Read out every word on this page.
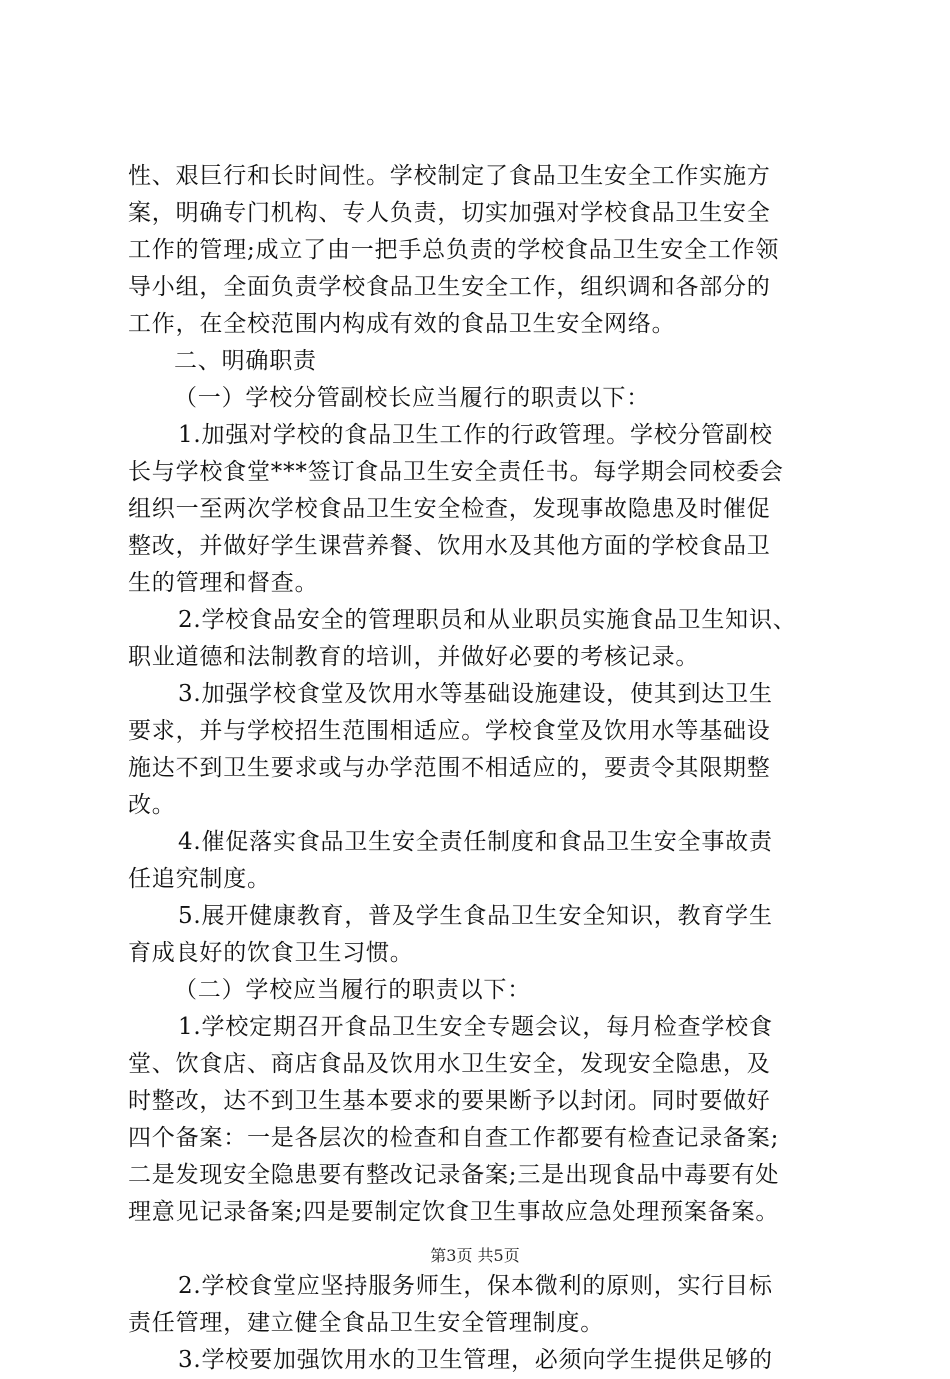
性、艰巨行和长时间性。学校制定了食品卫生安全工作实施方
案，明确专门机构、专人负责，切实加强对学校食品卫生安全
工作的管理;成立了由一把手总负责的学校食品卫生安全工作领
导小组，全面负责学校食品卫生安全工作，组织调和各部分的
工作，在全校范围内构成有效的食品卫生安全网络。
二、明确职责
（一）学校分管副校长应当履行的职责以下：
1.加强对学校的食品卫生工作的行政管理。学校分管副校
长与学校食堂***签订食品卫生安全责任书。每学期会同校委会
组织一至两次学校食品卫生安全检查，发现事故隐患及时催促
整改，并做好学生课营养餐、饮用水及其他方面的学校食品卫
生的管理和督查。
2.学校食品安全的管理职员和从业职员实施食品卫生知识、
职业道德和法制教育的培训，并做好必要的考核记录。
3.加强学校食堂及饮用水等基础设施建设，使其到达卫生
要求，并与学校招生范围相适应。学校食堂及饮用水等基础设
施达不到卫生要求或与办学范围不相适应的，要责令其限期整
改。
4.催促落实食品卫生安全责任制度和食品卫生安全事故责
任追究制度。
5.展开健康教育，普及学生食品卫生安全知识，教育学生
育成良好的饮食卫生习惯。
（二）学校应当履行的职责以下：
1.学校定期召开食品卫生安全专题会议，每月检查学校食
堂、饮食店、商店食品及饮用水卫生安全，发现安全隐患，及
时整改，达不到卫生基本要求的要果断予以封闭。同时要做好
四个备案：一是各层次的检查和自查工作都要有检查记录备案;
二是发现安全隐患要有整改记录备案;三是出现食品中毒要有处
理意见记录备案;四是要制定饮食卫生事故应急处理预案备案。
2.学校食堂应坚持服务师生，保本微利的原则，实行目标
责任管理，建立健全食品卫生安全管理制度。
3.学校要加强饮用水的卫生管理，必须向学生提供足够的
第3页 共5页
